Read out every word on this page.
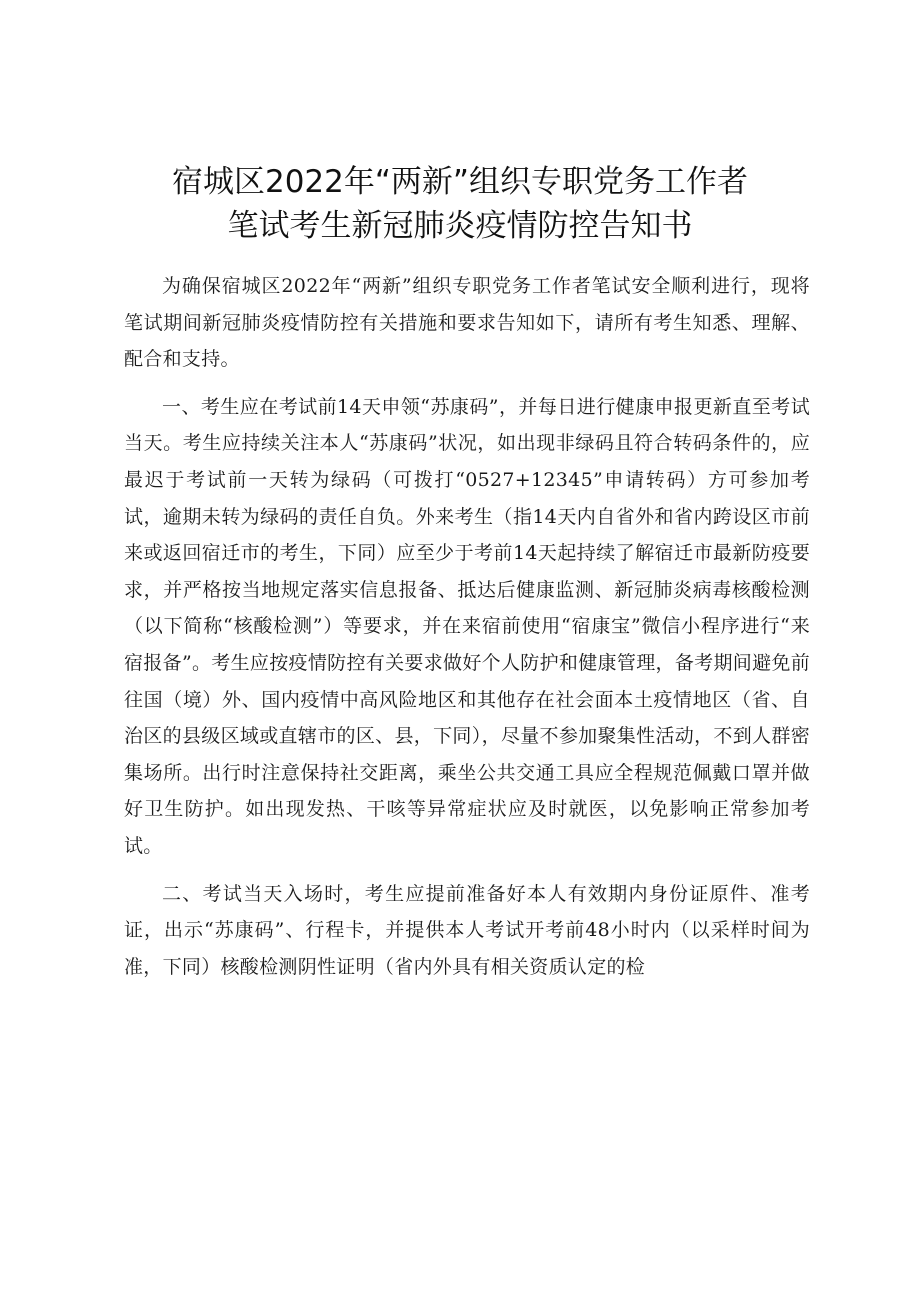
宿城区2022年“两新”组织专职党务工作者
笔试考生新冠肺炎疫情防控告知书

为确保宿城区2022年“两新”组织专职党务工作者笔试安全顺利进行，现将笔试期间新冠肺炎疫情防控有关措施和要求告知如下，请所有考生知悉、理解、配合和支持。

一、考生应在考试前14天申领“苏康码”，并每日进行健康申报更新直至考试当天。考生应持续关注本人“苏康码”状况，如出现非绿码且符合转码条件的，应最迟于考试前一天转为绿码（可拨打“0527+12345”申请转码）方可参加考试，逾期未转为绿码的责任自负。外来考生（指14天内自省外和省内跨设区市前来或返回宿迁市的考生，下同）应至少于考前14天起持续了解宿迁市最新防疫要求，并严格按当地规定落实信息报备、抵达后健康监测、新冠肺炎病毒核酸检测（以下简称“核酸检测”）等要求，并在来宿前使用“宿康宝”微信小程序进行“来宿报备”。考生应按疫情防控有关要求做好个人防护和健康管理，备考期间避免前往国（境）外、国内疫情中高风险地区和其他存在社会面本土疫情地区（省、自治区的县级区域或直辖市的区、县，下同），尽量不参加聚集性活动，不到人群密集场所。出行时注意保持社交距离，乘坐公共交通工具应全程规范佩戴口罩并做好卫生防护。如出现发热、干咳等异常症状应及时就医，以免影响正常参加考试。

二、考试当天入场时，考生应提前准备好本人有效期内身份证原件、准考证，出示“苏康码”、行程卡，并提供本人考试开考前48小时内（以采样时间为准，下同）核酸检测阴性证明（省内外具有相关资质认定的检
